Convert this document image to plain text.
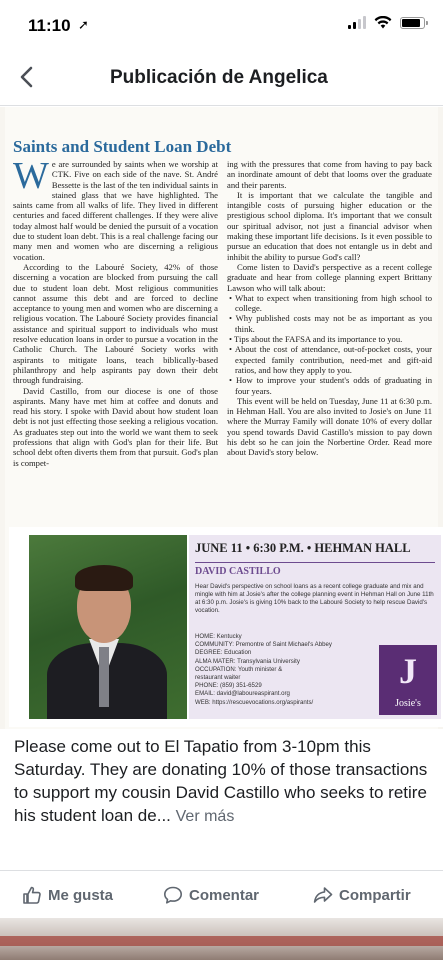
11:10 ➚
Publicación de Angelica
Saints and Student Loan Debt

We are surrounded by saints when we worship at CTK. Five on each side of the nave. St. André Bessette is the last of the ten individual saints in stained glass that we have highlighted. The saints came from all walks of life. They lived in different centuries and faced different challenges. If they were alive today almost half would be denied the pursuit of a vocation due to student loan debt. This is a real challenge facing our many men and women who are discerning a religious vocation.

According to the Labouré Society, 42% of those discerning a vocation are blocked from pursuing the call due to student loan debt. Most religious communities cannot assume this debt and are forced to decline acceptance to young men and women who are discerning a religious vocation. The Labouré Society provides financial assistance and spiritual support to individuals who must resolve education loans in order to pursue a vocation in the Catholic Church. The Labouré Society works with aspirants to mitigate loans, teach biblically-based philanthropy and help aspirants pay down their debt through fundraising.

David Castillo, from our diocese is one of those aspirants. Many have met him at coffee and donuts and read his story. I spoke with David about how student loan debt is not just effecting those seeking a religious vocation. As graduates step out into the world we want them to seek professions that align with God's plan for their life. But school debt often diverts them from that pursuit. God's plan is compet-

ing with the pressures that come from having to pay back an inordinate amount of debt that looms over the graduate and their parents.

It is important that we calculate the tangible and intangible costs of pursuing higher education or the prestigious school diploma. It's important that we consult our spiritual advisor, not just a financial advisor when making these important life decisions. Is it even possible to pursue an education that does not entangle us in debt and inhibit the ability to pursue God's call?

Come listen to David's perspective as a recent college graduate and hear from college planning expert Brittany Lawson who will talk about:

• What to expect when transitioning from high school to college.

• Why published costs may not be as important as you think.

• Tips about the FAFSA and its importance to you.

• About the cost of attendance, out-of-pocket costs, your expected family contribution, need-met and gift-aid ratios, and how they apply to you.

• How to improve your student's odds of graduating in four years.

This event will be held on Tuesday, June 11 at 6:30 p.m. in Hehman Hall. You are also invited to Josie's on June 11 where the Murray Family will donate 10% of every dollar you spend towards David Castillo's mission to pay down his debt so he can join the Norbertine Order. Read more about David's story below.

JUNE 11 • 6:30 P.M. • HEHMAN HALL
DAVID CASTILLO
Hear David's perspective on school loans as a recent college graduate and mix and mingle with him at Josie's after the college planning event in Hehman Hall on June 11th at 6:30 p.m. Josie's is giving 10% back to the Labouré Society to help rescue David's vocation.
HOME: Kentucky
COMMUNITY: Premontre of Saint Michael's Abbey
DEGREE: Education
ALMA MATER: Transylvania University
OCCUPATION: Youth minister &
restaurant waiter
PHONE: (859) 351-6529
EMAIL: david@laboureaspirant.org
WEB: https://rescuevocations.org/aspirants/
J
Josie's
Please come out to El Tapatio from 3-10pm this Saturday. They are donating 10% of those transactions to support my cousin David Castillo who seeks to retire his student loan de... Ver más
Me gusta	Comentar	Compartir
